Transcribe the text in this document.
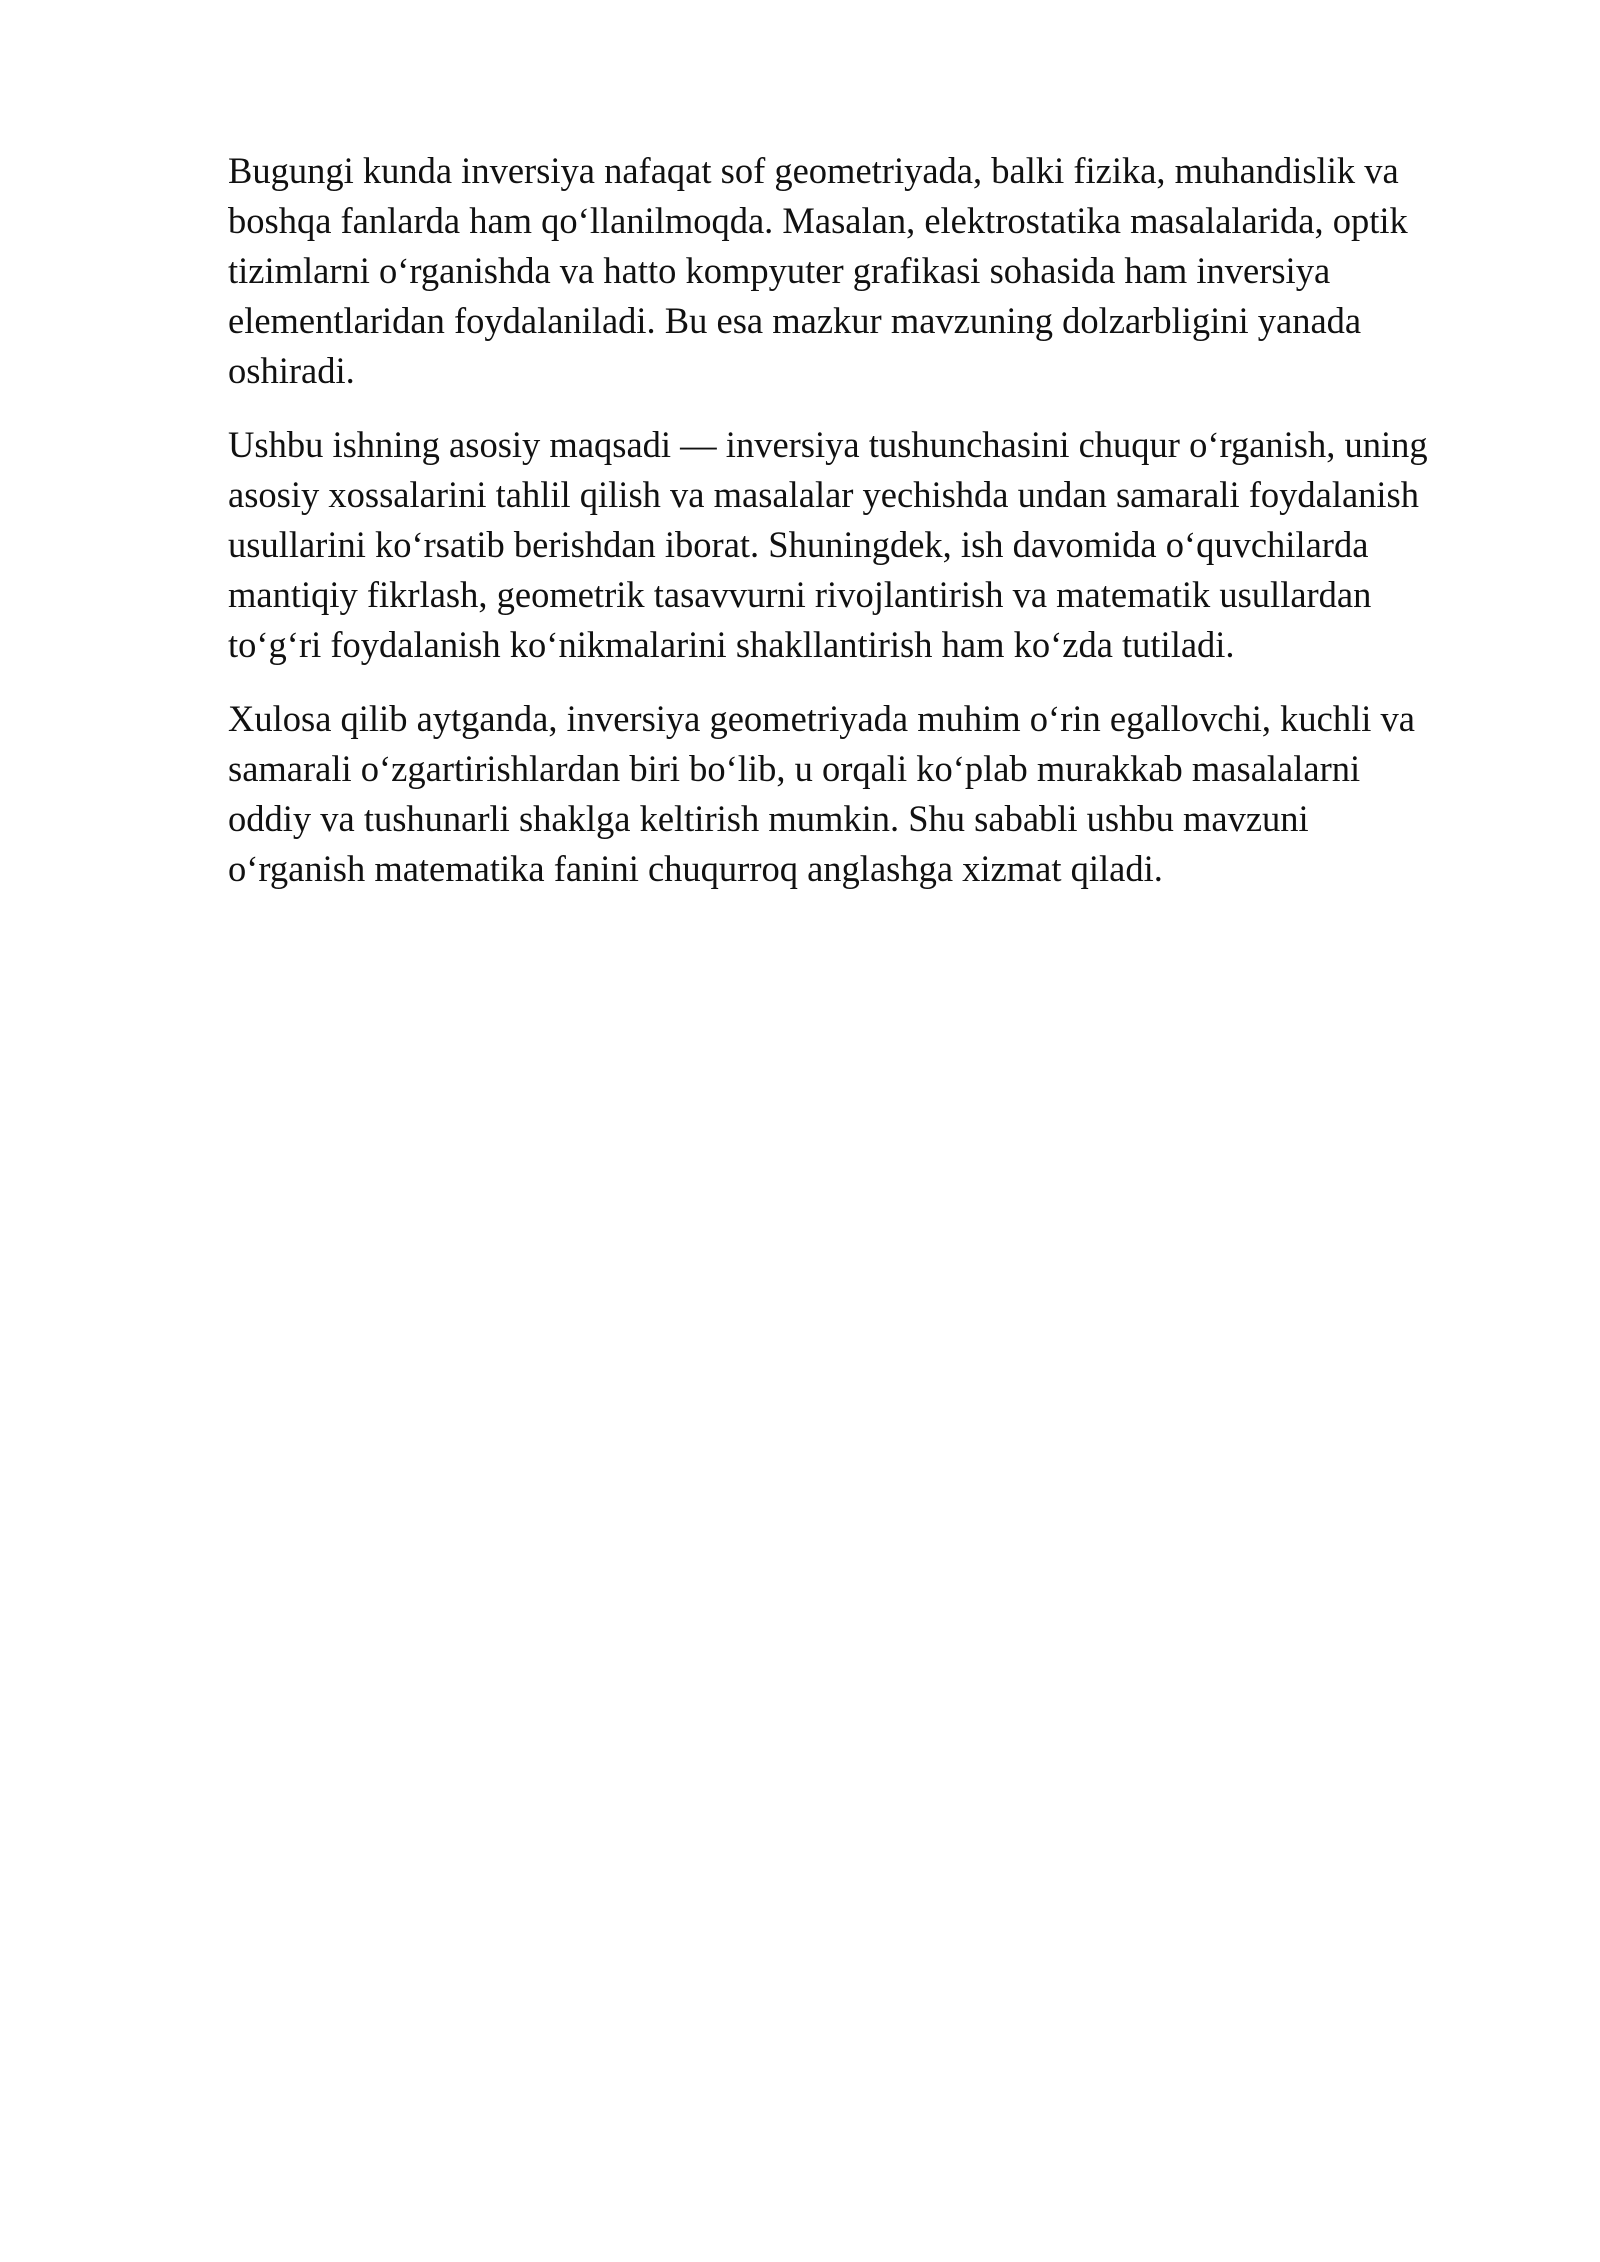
Bugungi kunda inversiya nafaqat sof geometriyada, balki fizika, muhandislik va
boshqa fanlarda ham qoʻllanilmoqda. Masalan, elektrostatika masalalarida, optik
tizimlarni oʻrganishda va hatto kompyuter grafikasi sohasida ham inversiya
elementlaridan foydalaniladi. Bu esa mazkur mavzuning dolzarbligini yanada
oshiradi.

Ushbu ishning asosiy maqsadi — inversiya tushunchasini chuqur oʻrganish, uning
asosiy xossalarini tahlil qilish va masalalar yechishda undan samarali foydalanish
usullarini koʻrsatib berishdan iborat. Shuningdek, ish davomida oʻquvchilarda
mantiqiy fikrlash, geometrik tasavvurni rivojlantirish va matematik usullardan
toʻgʻri foydalanish koʻnikmalarini shakllantirish ham koʻzda tutiladi.

Xulosa qilib aytganda, inversiya geometriyada muhim oʻrin egallovchi, kuchli va
samarali oʻzgartirishlardan biri boʻlib, u orqali koʻplab murakkab masalalarni
oddiy va tushunarli shaklga keltirish mumkin. Shu sababli ushbu mavzuni
oʻrganish matematika fanini chuqurroq anglashga xizmat qiladi.
